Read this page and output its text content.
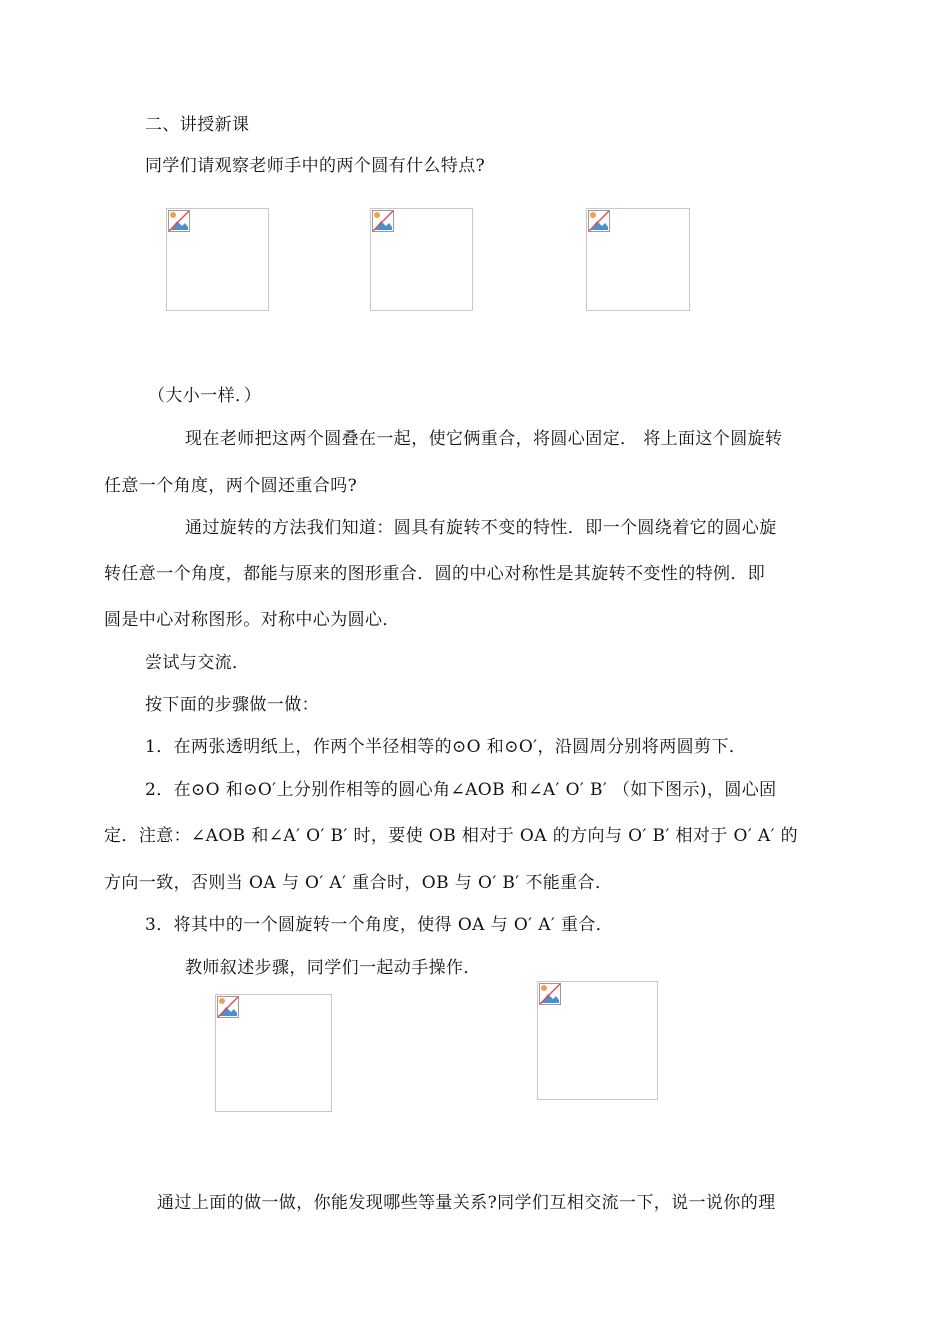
二、讲授新课
同学们请观察老师手中的两个圆有什么特点?
（大小一样．）
现在老师把这两个圆叠在一起，使它俩重合，将圆心固定． 将上面这个圆旋转
任意一个角度，两个圆还重合吗?
通过旋转的方法我们知道：圆具有旋转不变的特性．即一个圆绕着它的圆心旋
转任意一个角度，都能与原来的图形重合．圆的中心对称性是其旋转不变性的特例．即
圆是中心对称图形。对称中心为圆心．
尝试与交流．
按下面的步骤做一做：
1．在两张透明纸上，作两个半径相等的⊙O 和⊙O′，沿圆周分别将两圆剪下．
2．在⊙O 和⊙O′上分别作相等的圆心角∠AOB 和∠A′ O′ B′ （如下图示)，圆心固
定．注意：∠AOB 和∠A′ O′ B′ 时，要使 OB 相对于 OA 的方向与 O′ B′ 相对于 O′ A′ 的
方向一致，否则当 OA 与 O′ A′ 重合时，OB 与 O′ B′ 不能重合．
3．将其中的一个圆旋转一个角度，使得 OA 与 O′ A′ 重合．
教师叙述步骤，同学们一起动手操作．
通过上面的做一做，你能发现哪些等量关系?同学们互相交流一下，说一说你的理
